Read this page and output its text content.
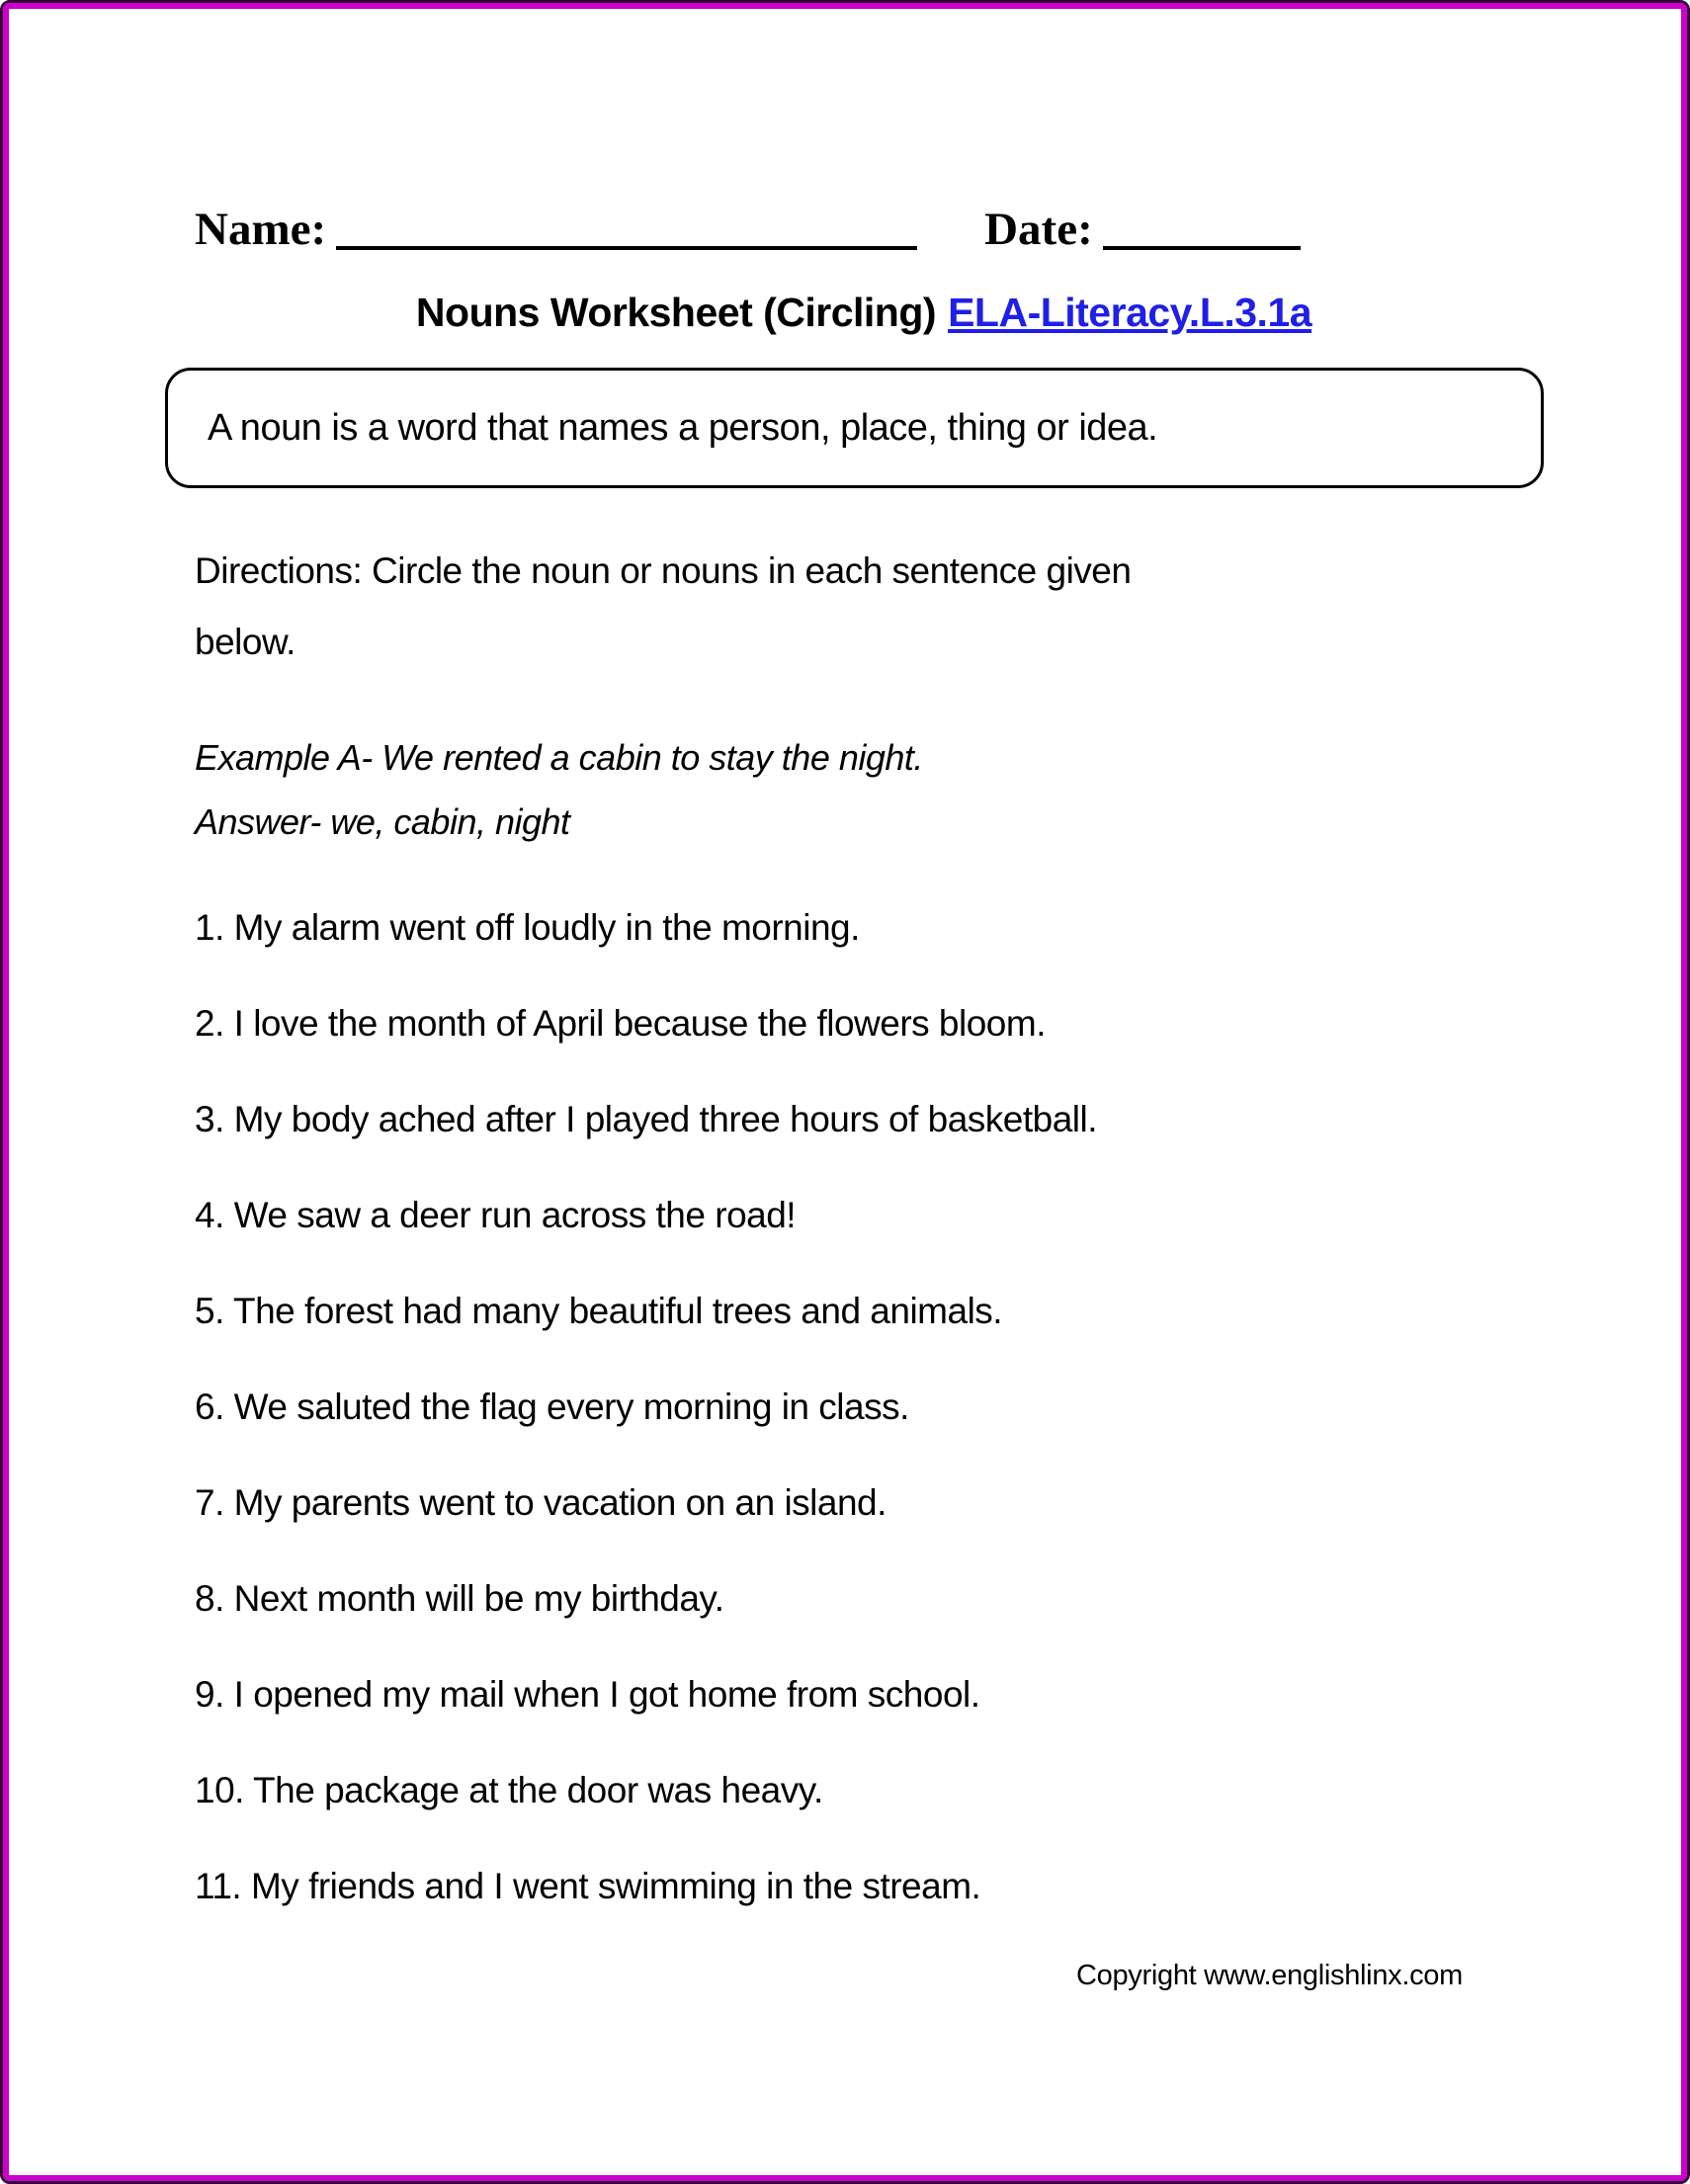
Name:	Date:
Nouns Worksheet (Circling) ELA-Literacy.L.3.1a
A noun is a word that names a person, place, thing or idea.
Directions: Circle the noun or nouns in each sentence given
below.
Example A- We rented a cabin to stay the night.
Answer- we, cabin, night
1. My alarm went off loudly in the morning.
2. I love the month of April because the flowers bloom.
3. My body ached after I played three hours of basketball.
4. We saw a deer run across the road!
5. The forest had many beautiful trees and animals.
6. We saluted the flag every morning in class.
7. My parents went to vacation on an island.
8. Next month will be my birthday.
9. I opened my mail when I got home from school.
10. The package at the door was heavy.
11. My friends and I went swimming in the stream.
Copyright www.englishlinx.com
